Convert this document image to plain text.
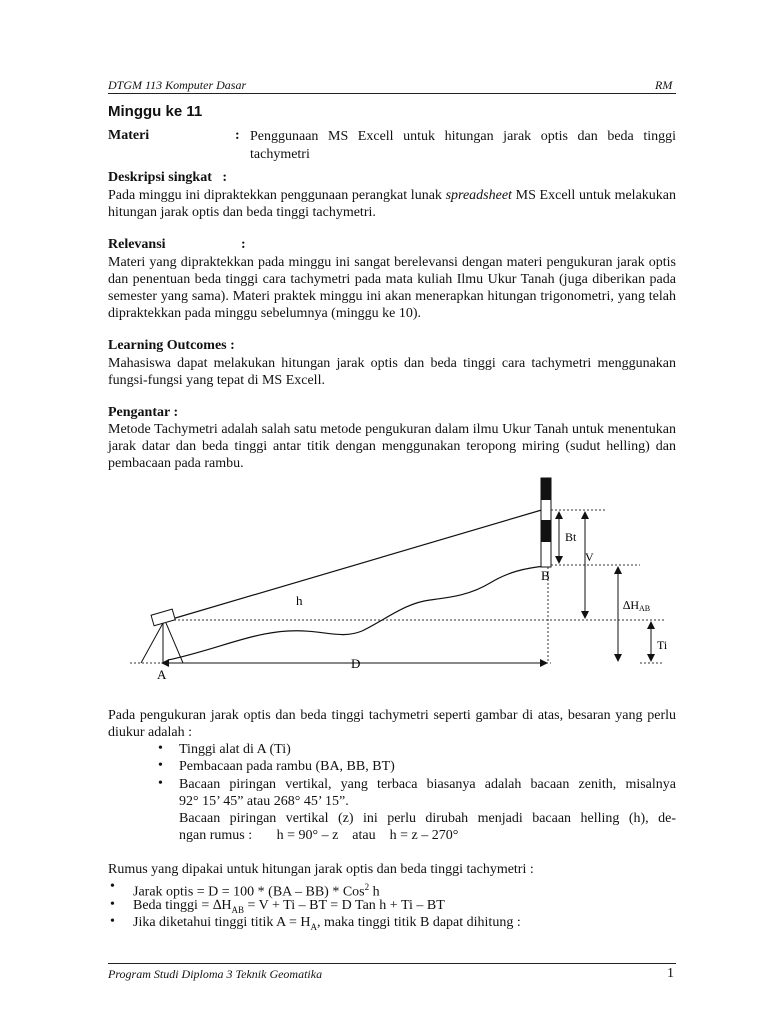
DTGM 113 Komputer Dasar	RM
Minggu ke 11
Materi	: Penggunaan MS Excell untuk hitungan jarak optis dan beda tinggi
tachymetri
Deskripsi singkat   :
Pada minggu ini dipraktekkan penggunaan perangkat lunak spreadsheet MS Excell untuk melakukan hitungan jarak optis dan beda tinggi tachymetri.
Relevansi	:
Materi yang dipraktekkan pada minggu ini sangat berelevansi dengan materi pengukuran jarak optis dan penentuan beda tinggi cara tachymetri pada mata kuliah Ilmu Ukur Tanah (juga diberikan pada semester yang sama). Materi praktek minggu ini akan menerapkan hitungan trigonometri, yang telah dipraktekkan pada minggu sebelumnya (minggu ke 10).
Learning Outcomes :
Mahasiswa dapat melakukan hitungan jarak optis dan beda tinggi cara tachymetri menggunakan fungsi-fungsi yang tepat di MS Excell.
Pengantar :
Metode Tachymetri adalah salah satu metode pengukuran dalam ilmu Ukur Tanah untuk menentukan jarak datar dan beda tinggi antar titik dengan menggunakan teropong miring (sudut helling) dan pembacaan pada rambu.
A
B
h
D
Bt
V
∆HAB
Ti
Pada pengukuran jarak optis dan beda tinggi tachymetri seperti gambar di atas, besaran yang perlu diukur adalah :
• Tinggi alat di A (Ti)
• Pembacaan pada rambu (BA, BB, BT)
• Bacaan piringan vertikal, yang terbaca biasanya adalah bacaan zenith, misalnya
92° 15’ 45” atau 268° 45’ 15”.
Bacaan piringan vertikal (z) ini perlu dirubah menjadi bacaan helling (h), de-
ngan rumus :       h = 90° – z    atau    h = z – 270°
Rumus yang dipakai untuk hitungan jarak optis dan beda tinggi tachymetri :
• Jarak optis = D = 100 * (BA – BB) * Cos$^2$ h
• Beda tinggi = $\Delta H_{AB} = V + Ti$ – BT = D Tan h + Ti – BT
• Jika diketahui tinggi titik $A = H_A$, maka tinggi titik B dapat dihitung :
Program Studi Diploma 3 Teknik Geomatika	1
